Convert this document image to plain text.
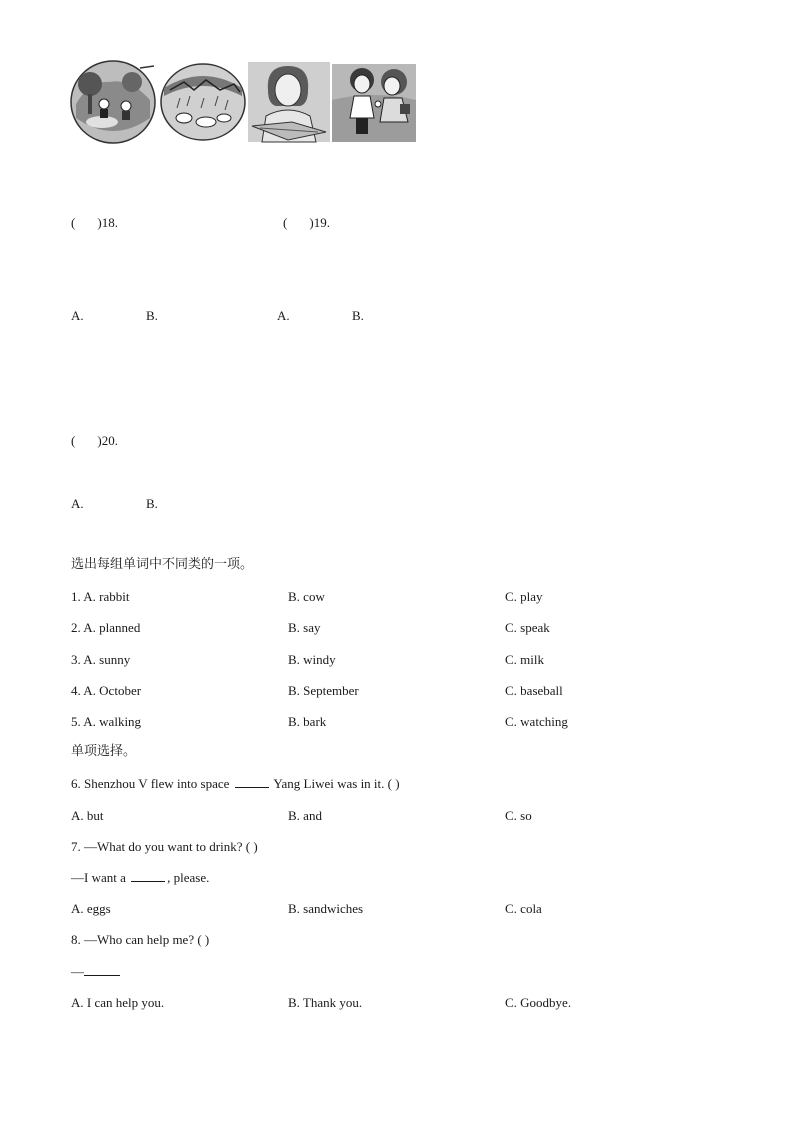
( )18.	( )19.
A.	B.	A.	B.
( )20.
A.	B.
选出每组单词中不同类的一项。
1. A. rabbit	B. cow	C. play
2. A. planned	B. say	C. speak
3. A. sunny	B. windy	C. milk
4. A. October	B. September	C. baseball
5. A. walking	B. bark	C. watching
单项选择。
6. Shenzhou V flew into space	Yang Liwei was in it. ( )
A. but	B. and	C. so
7. —What do you want to drink? ( )
—I want a	, please.
A. eggs	B. sandwiches	C. cola
8. —Who can help me? ( )
—
A. I can help you.	B. Thank you.	C. Goodbye.
